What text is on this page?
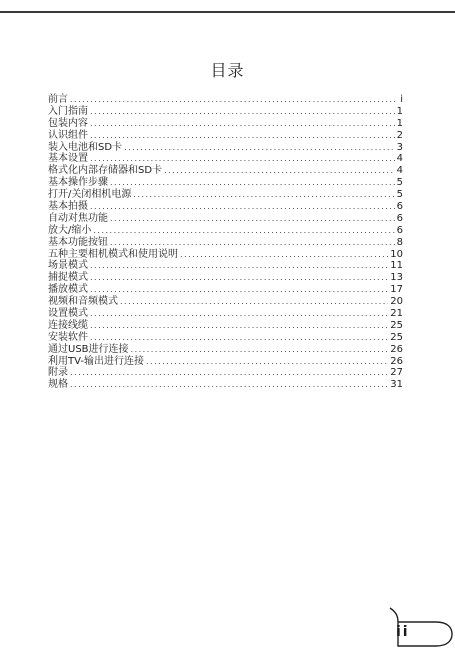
目录
前言 .....	i
入门指南 .....	1
包装内容 .....	1
认识组件 .....	2
装入电池和SD卡 .....	3
基本设置 .....	4
格式化内部存储器和SD卡 .....	4
基本操作步骤 .....	5
打开/关闭相机电源 .....	5
基本拍摄 .....	6
自动对焦功能 .....	6
放大/缩小 .....	6
基本功能按钮 .....	8
五种主要相机模式和使用说明 .....	10
场景模式 .....	11
捕捉模式 .....	13
播放模式 .....	17
视频和音频模式 .....	20
设置模式 .....	21
连接线缆 .....	25
安装软件 .....	25
通过USB进行连接 .....	26
利用TV-输出进行连接 .....	26
附录 .....	27
规格 .....	31
ii
